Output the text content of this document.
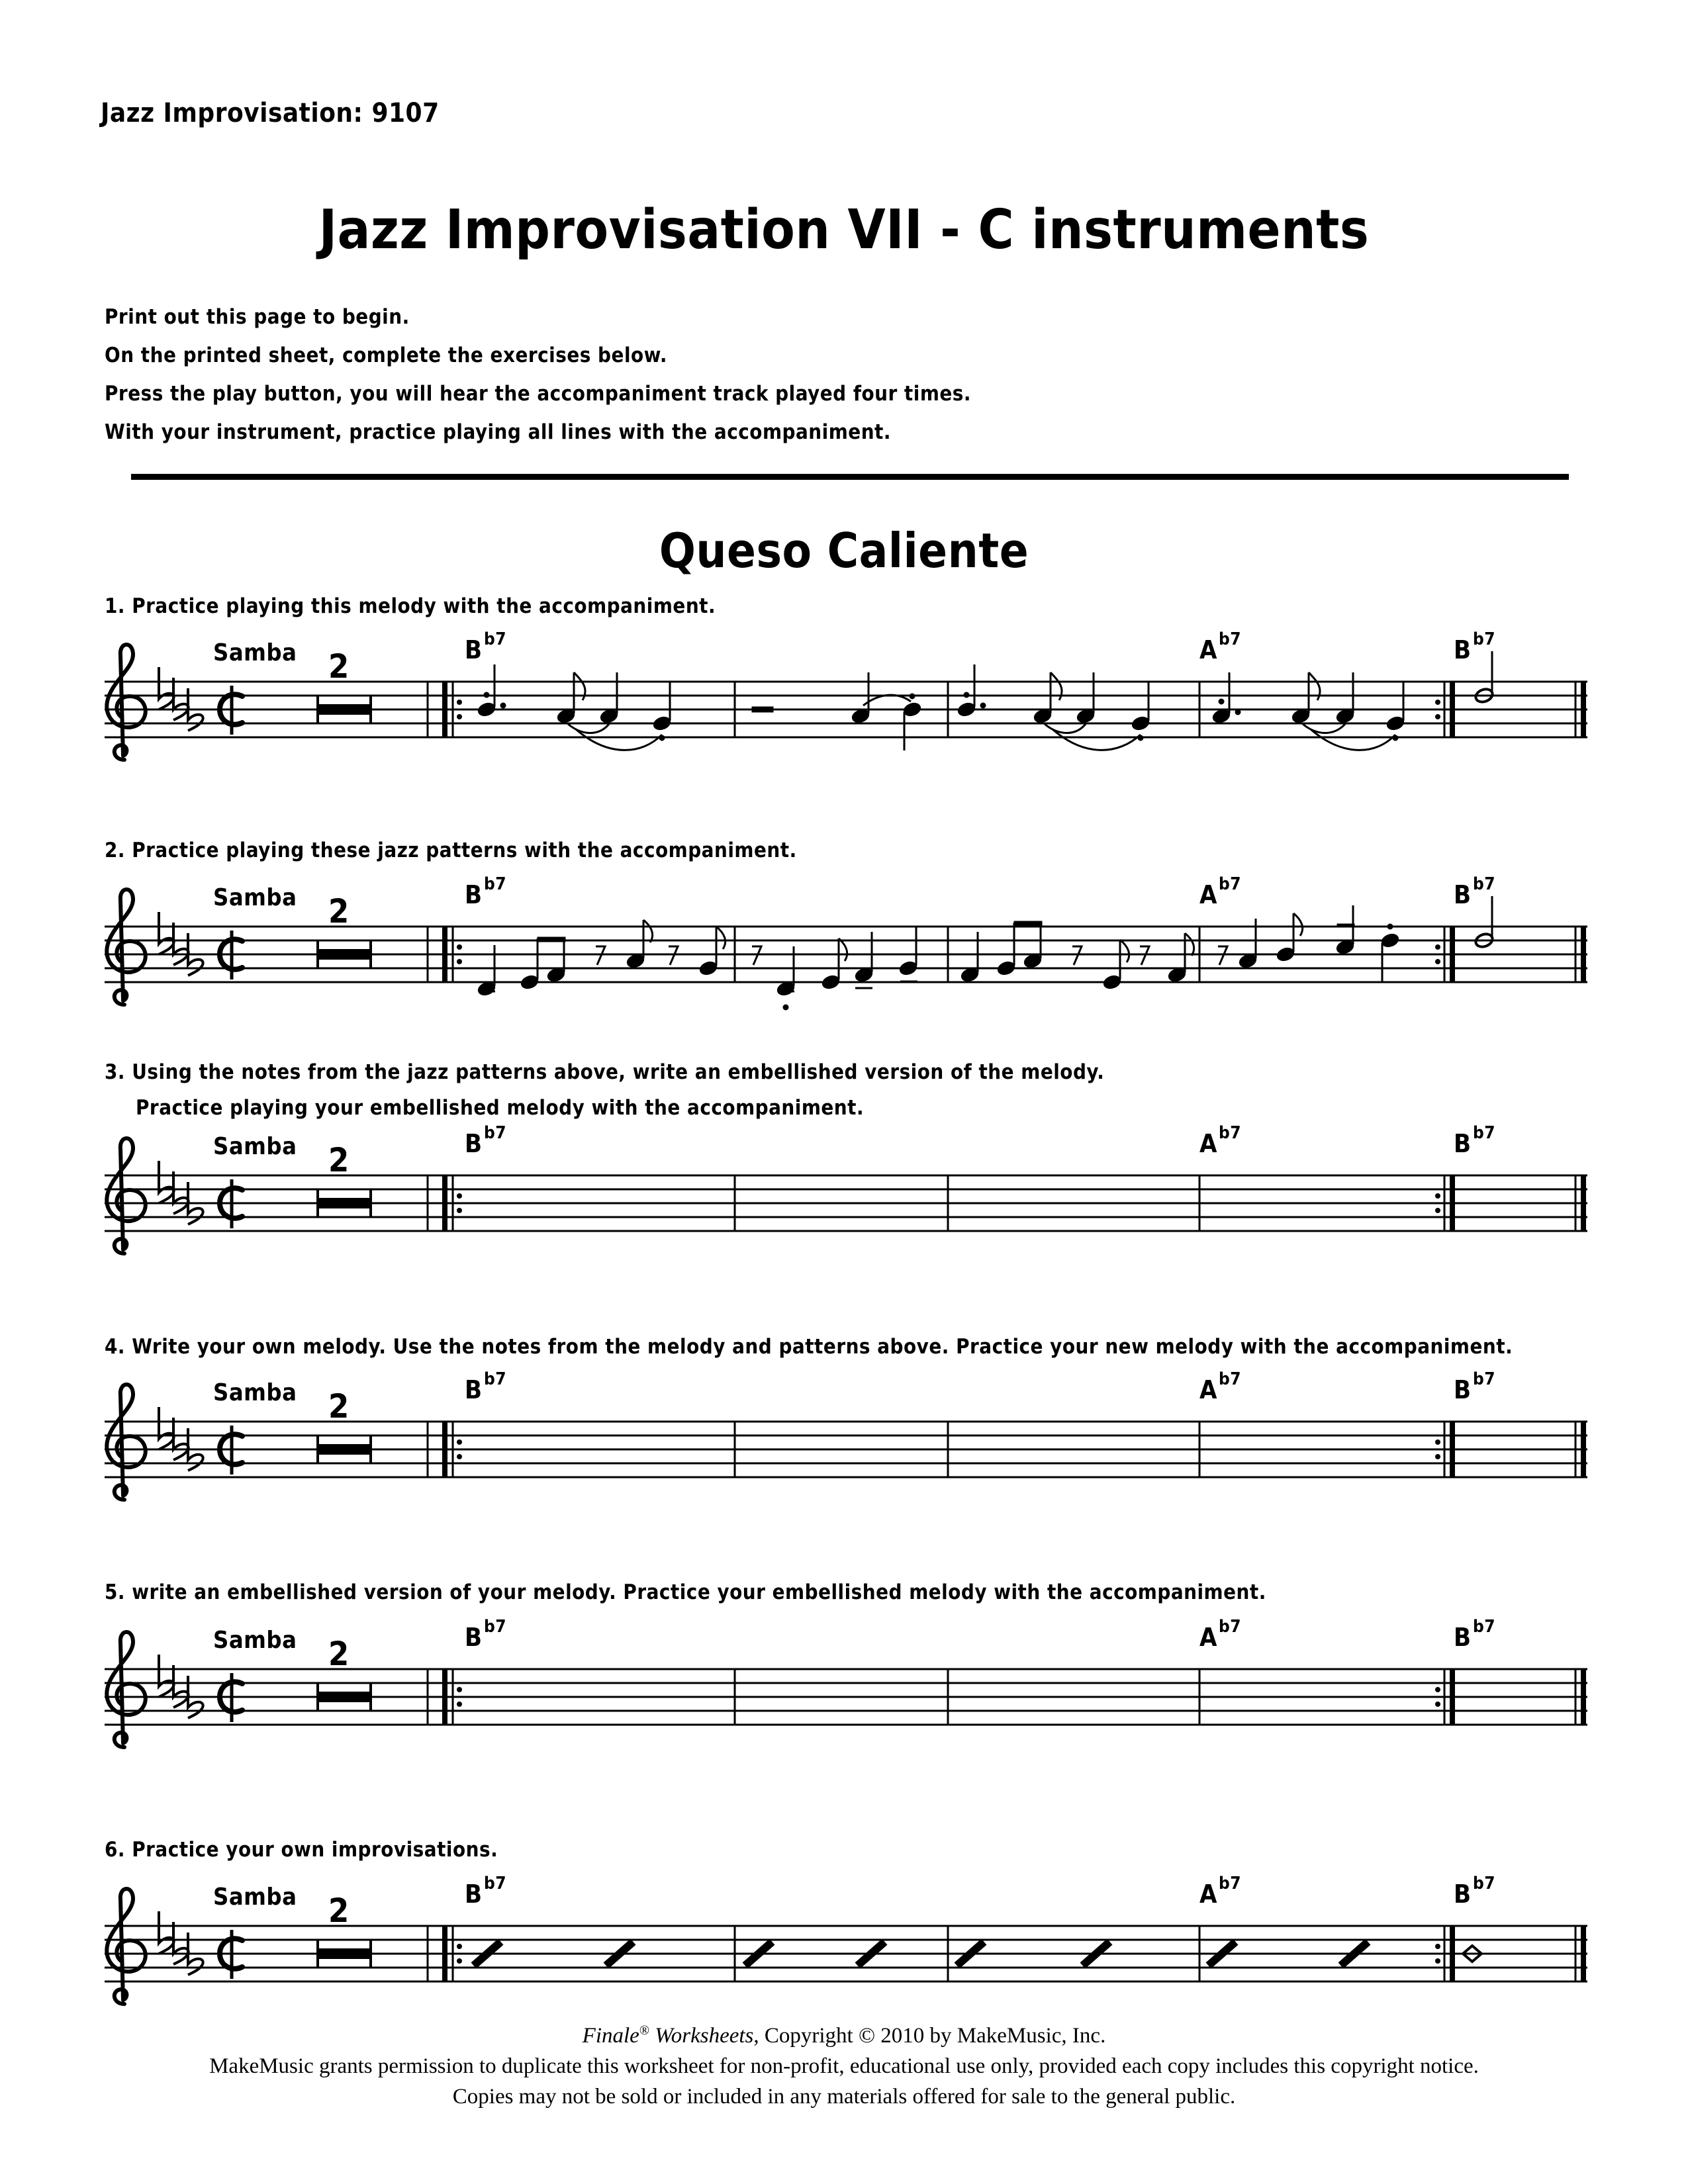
Jazz Improvisation: 9107
Jazz Improvisation VII - C instruments
Print out this page to begin.
On the printed sheet, complete the exercises below.
Press the play button, you will hear the accompaniment track played four times.
With your instrument, practice playing all lines with the accompaniment.
Queso Caliente
1. Practice playing this melody with the accompaniment.
2. Practice playing these jazz patterns with the accompaniment.
3. Using the notes from the jazz patterns above, write an embellished version of the melody.
Practice playing your embellished melody with the accompaniment.
4. Write your own melody. Use the notes from the melody and patterns above. Practice your new melody with the accompaniment.
5. write an embellished version of your melody. Practice your embellished melody with the accompaniment.
6. Practice your own improvisations.
Samba 2	B b7	A b7	B b7
Samba 2	B b7	A b7	B b7
Samba 2	B b7	A b7	B b7
Samba 2	B b7	A b7	B b7
Samba 2	B b7	A b7	B b7
Samba 2	B b7	A b7	B b7
Finale® Worksheets, Copyright © 2010 by MakeMusic, Inc.
MakeMusic grants permission to duplicate this worksheet for non-profit, educational use only, provided each copy includes this copyright notice.
Copies may not be sold or included in any materials offered for sale to the general public.
